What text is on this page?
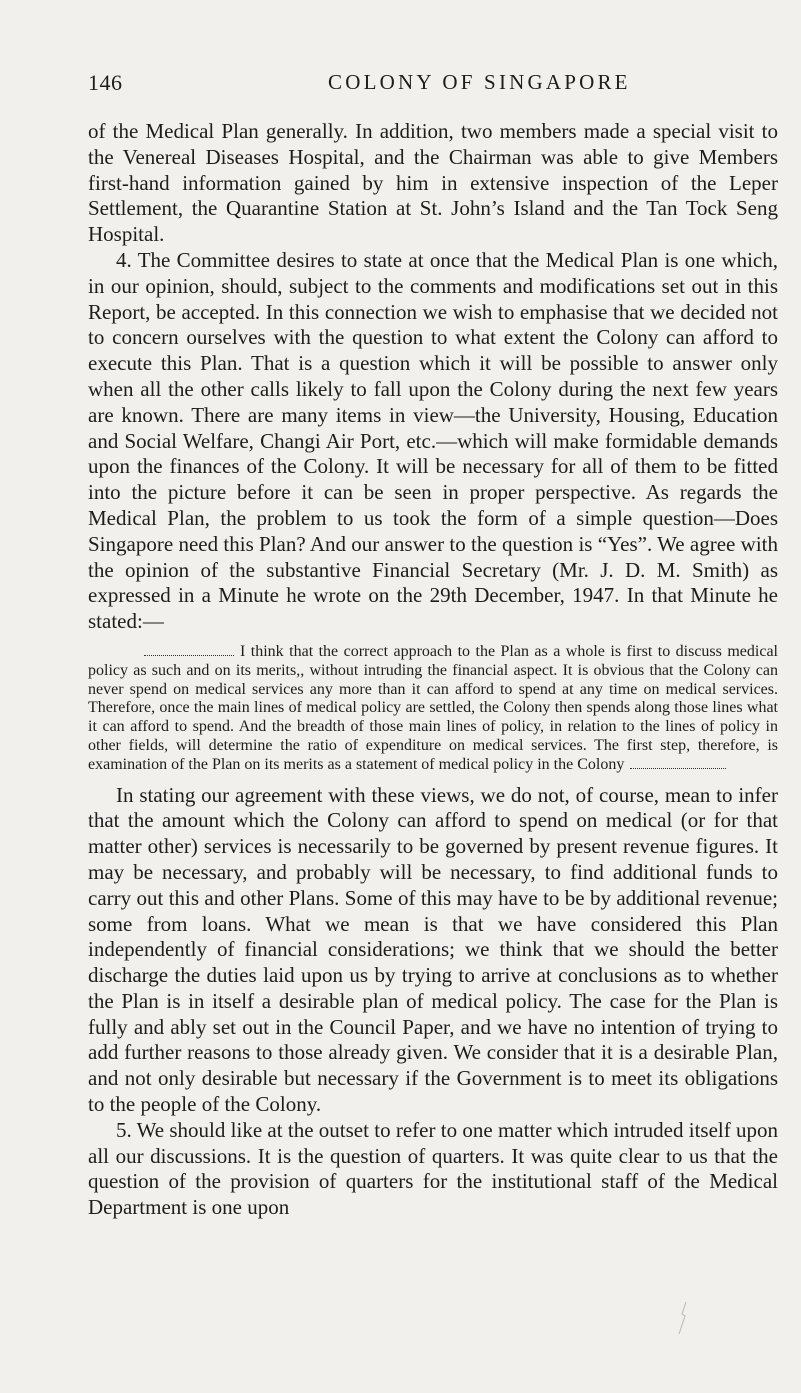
146	COLONY OF SINGAPORE

of the Medical Plan generally. In addition, two members made a special visit to the Venereal Diseases Hospital, and the Chairman was able to give Members first-hand information gained by him in extensive inspection of the Leper Settlement, the Quarantine Station at St. John’s Island and the Tan Tock Seng Hospital.

4. The Committee desires to state at once that the Medical Plan is one which, in our opinion, should, subject to the comments and modifications set out in this Report, be accepted. In this connection we wish to emphasise that we decided not to concern ourselves with the question to what extent the Colony can afford to execute this Plan. That is a question which it will be possible to answer only when all the other calls likely to fall upon the Colony during the next few years are known. There are many items in view—the University, Housing, Education and Social Welfare, Changi Air Port, etc.—which will make formidable demands upon the finances of the Colony. It will be necessary for all of them to be fitted into the picture before it can be seen in proper perspective. As regards the Medical Plan, the problem to us took the form of a simple question—Does Singapore need this Plan? And our answer to the question is “Yes”. We agree with the opinion of the substantive Financial Secretary (Mr. J. D. M. Smith) as expressed in a Minute he wrote on the 29th December, 1947. In that Minute he stated:—

I think that the correct approach to the Plan as a whole is first to discuss medical policy as such and on its merits,, without intruding the financial aspect. It is obvious that the Colony can never spend on medical services any more than it can afford to spend at any time on medical services. Therefore, once the main lines of medical policy are settled, the Colony then spends along those lines what it can afford to spend. And the breadth of those main lines of policy, in relation to the lines of policy in other fields, will determine the ratio of expenditure on medical services. The first step, therefore, is examination of the Plan on its merits as a statement of medical policy in the Colony

In stating our agreement with these views, we do not, of course, mean to infer that the amount which the Colony can afford to spend on medical (or for that matter other) services is necessarily to be governed by present revenue figures. It may be necessary, and probably will be necessary, to find additional funds to carry out this and other Plans. Some of this may have to be by additional revenue; some from loans. What we mean is that we have considered this Plan independently of financial considerations; we think that we should the better discharge the duties laid upon us by trying to arrive at conclusions as to whether the Plan is in itself a desirable plan of medical policy. The case for the Plan is fully and ably set out in the Council Paper, and we have no intention of trying to add further reasons to those already given. We consider that it is a desirable Plan, and not only desirable but necessary if the Government is to meet its obligations to the people of the Colony.

5. We should like at the outset to refer to one matter which intruded itself upon all our discussions. It is the question of quarters. It was quite clear to us that the question of the provision of quarters for the institutional staff of the Medical Department is one upon
